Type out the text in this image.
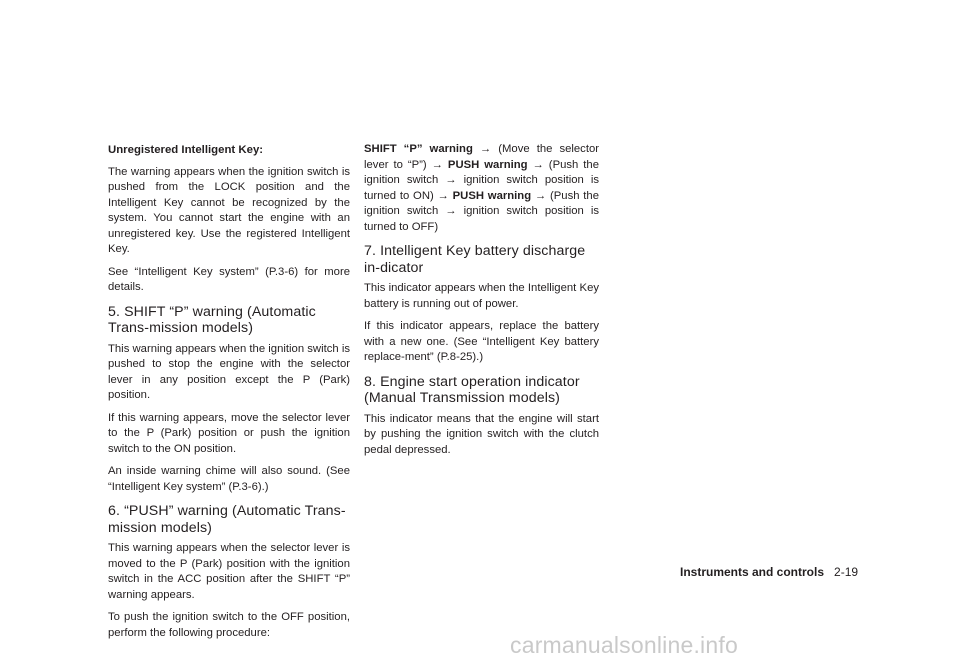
Unregistered Intelligent Key:

The warning appears when the ignition switch is pushed from the LOCK position and the Intelligent Key cannot be recognized by the system. You cannot start the engine with an unregistered key. Use the registered Intelligent Key.

See “Intelligent Key system” (P.3-6) for more details.

5. SHIFT “P” warning (Automatic Trans-mission models)

This warning appears when the ignition switch is pushed to stop the engine with the selector lever in any position except the P (Park) position.

If this warning appears, move the selector lever to the P (Park) position or push the ignition switch to the ON position.

An inside warning chime will also sound. (See “Intelligent Key system” (P.3-6).)

6. “PUSH” warning (Automatic Trans-mission models)

This warning appears when the selector lever is moved to the P (Park) position with the ignition switch in the ACC position after the SHIFT “P” warning appears.

To push the ignition switch to the OFF position, perform the following procedure:

SHIFT “P” warning → (Move the selector lever to “P”) → PUSH warning → (Push the ignition switch → ignition switch position is turned to ON) → PUSH warning → (Push the ignition switch → ignition switch position is turned to OFF)

7. Intelligent Key battery discharge in-dicator

This indicator appears when the Intelligent Key battery is running out of power.

If this indicator appears, replace the battery with a new one. (See “Intelligent Key battery replace-ment” (P.8-25).)

8. Engine start operation indicator (Manual Transmission models)

This indicator means that the engine will start by pushing the ignition switch with the clutch pedal depressed.

Instruments and controls 2-19
carmanualsonline.info
